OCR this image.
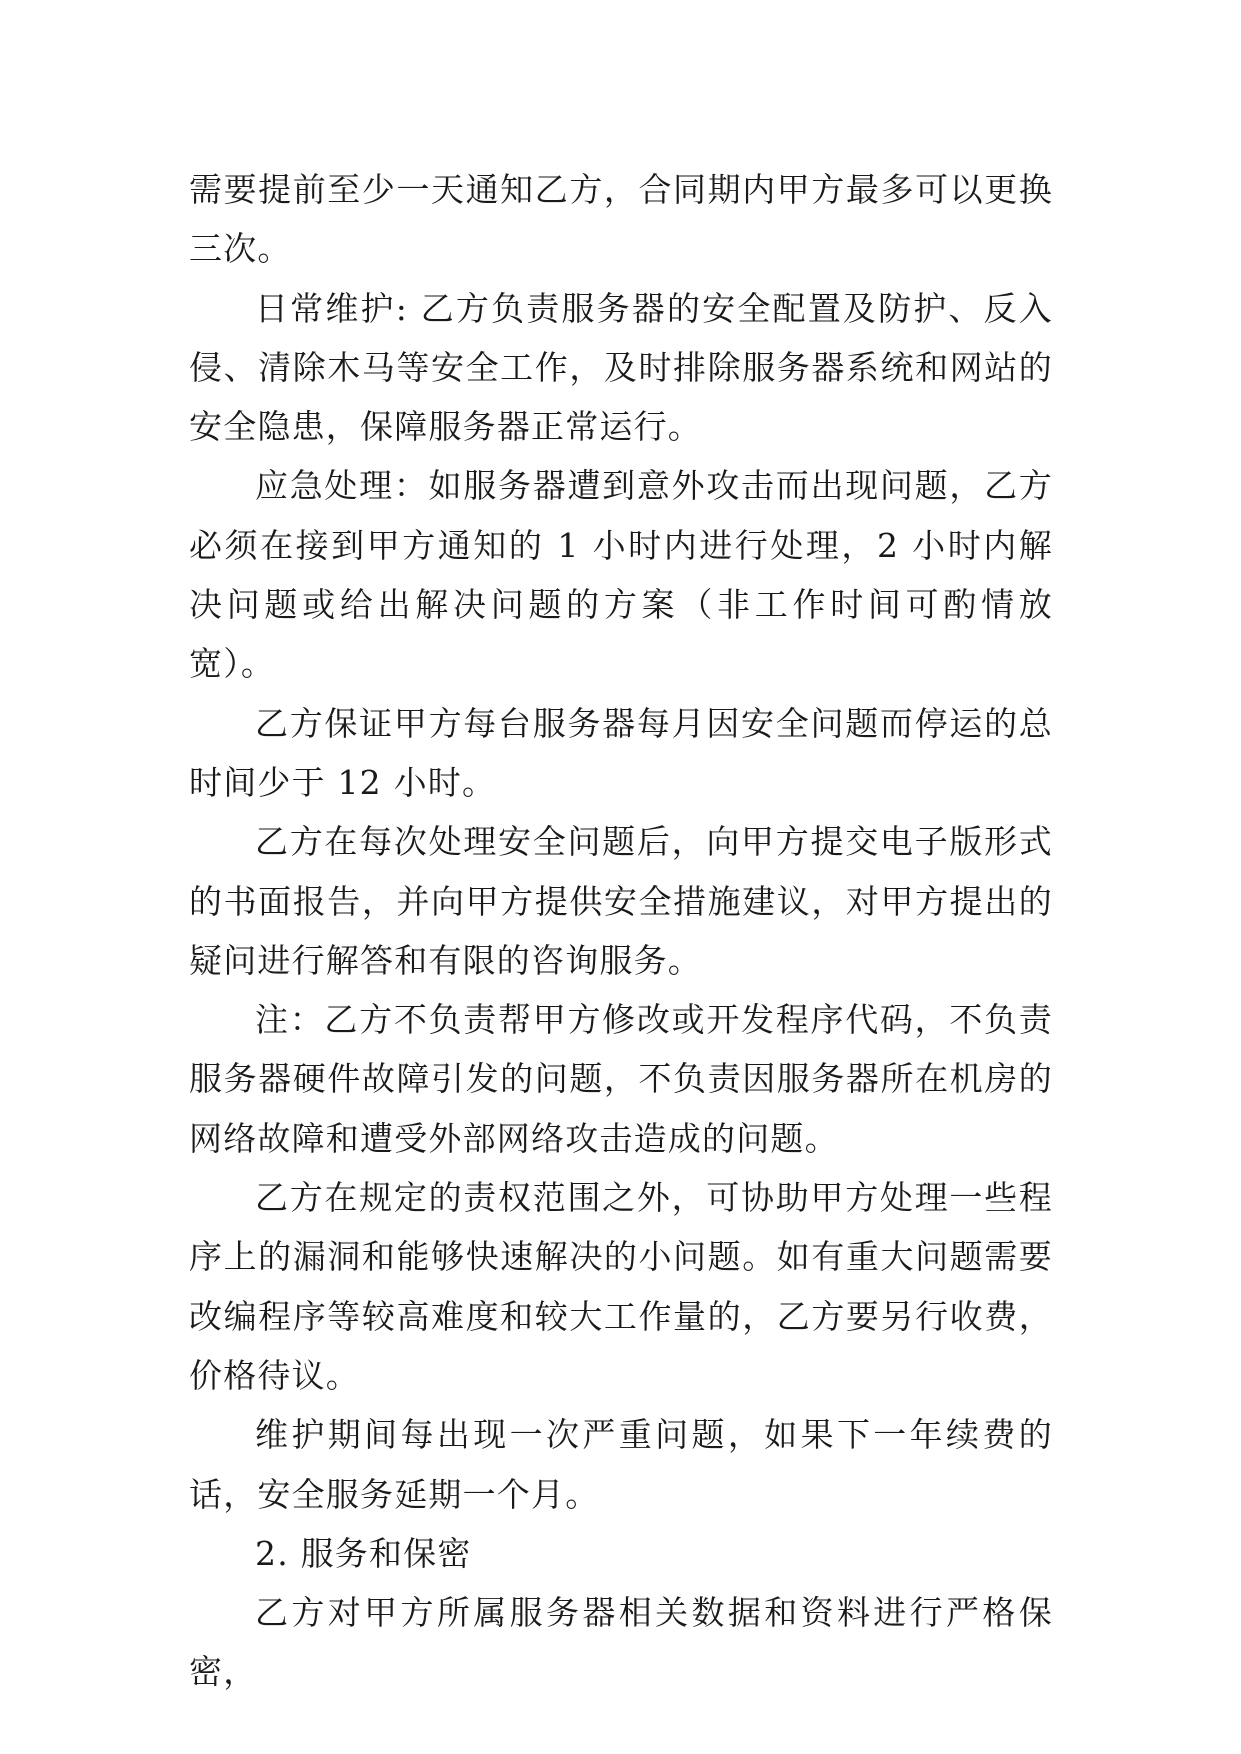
需要提前至少一天通知乙方，合同期内甲方最多可以更换三次。

日常维护: 乙方负责服务器的安全配置及防护、反入侵、清除木马等安全工作，及时排除服务器系统和网站的安全隐患，保障服务器正常运行。

应急处理：如服务器遭到意外攻击而出现问题，乙方必须在接到甲方通知的 1 小时内进行处理，2 小时内解决问题或给出解决问题的方案（非工作时间可酌情放宽）。

乙方保证甲方每台服务器每月因安全问题而停运的总时间少于 12 小时。

乙方在每次处理安全问题后，向甲方提交电子版形式的书面报告，并向甲方提供安全措施建议，对甲方提出的疑问进行解答和有限的咨询服务。

注：乙方不负责帮甲方修改或开发程序代码，不负责服务器硬件故障引发的问题，不负责因服务器所在机房的网络故障和遭受外部网络攻击造成的问题。

乙方在规定的责权范围之外，可协助甲方处理一些程序上的漏洞和能够快速解决的小问题。如有重大问题需要改编程序等较高难度和较大工作量的，乙方要另行收费，价格待议。

维护期间每出现一次严重问题，如果下一年续费的话，安全服务延期一个月。

2. 服务和保密

乙方对甲方所属服务器相关数据和资料进行严格保密，
